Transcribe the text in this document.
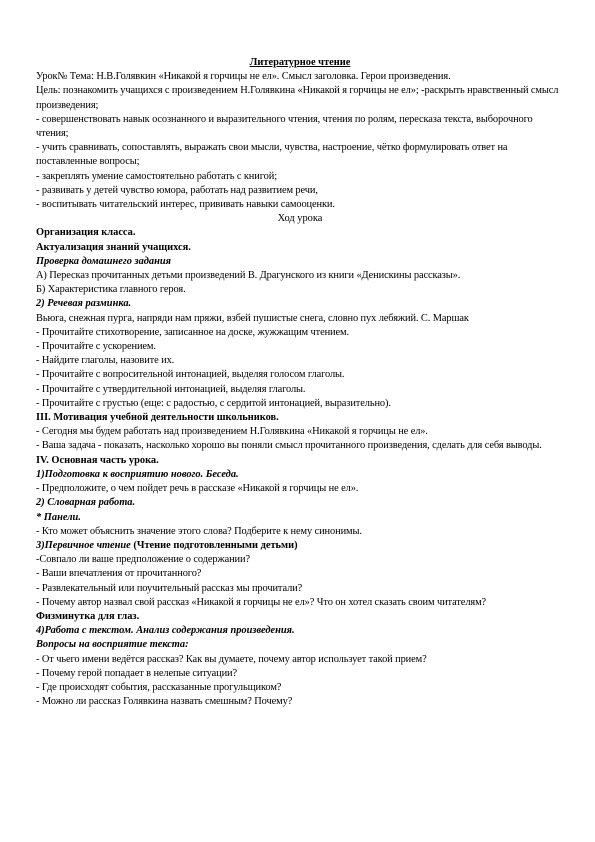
Литературное чтение

Урок№ Тема: Н.В.Голявкин «Никакой я горчицы не ел». Смысл заголовка. Герои произведения.

Цель: познакомить учащихся с произведением Н.Голявкина «Никакой я горчицы не ел»; -раскрыть нравственный смысл произведения;

- совершенствовать навык осознанного и выразительного чтения, чтения по ролям, пересказа текста, выборочного чтения;

- учить сравнивать, сопоставлять, выражать свои мысли, чувства, настроение, чётко формулировать ответ на поставленные вопросы;

- закреплять умение самостоятельно работать с книгой;

- развивать у детей чувство юмора, работать над развитием речи,

- воспитывать читательский интерес, прививать навыки самооценки.

Ход урока

Организация класса.

Актуализация знаний учащихся.

Проверка домашнего задания

А) Пересказ прочитанных детьми произведений В. Драгунского из книги «Денискины рассказы».

Б) Характеристика главного героя.

2) Речевая разминка.

Вьюга, снежная пурга, напряди нам пряжи, взбей пушистые снега, словно пух лебяжий. С. Маршак

- Прочитайте стихотворение, записанное на доске, жужжащим чтением.

- Прочитайте с ускорением.

- Найдите глаголы, назовите их.

- Прочитайте с вопросительной интонацией, выделяя голосом глаголы.

- Прочитайте с утвердительной интонацией, выделяя глаголы.

- Прочитайте с грустью (еще: с радостью, с сердитой интонацией, выразительно).

III. Мотивация учебной деятельности школьников.

- Сегодня мы будем работать над произведением Н.Голявкина «Никакой я горчицы не ел».

- Ваша задача - показать, насколько хорошо вы поняли смысл прочитанного произведения, сделать для себя выводы.

IV. Основная часть урока.

1)Подготовка к восприятию нового. Беседа.

- Предположите, о чем пойдет речь в рассказе «Никакой я горчицы не ел».

2) Словарная работа.

* Панели.

- Кто может объяснить значение этого слова? Подберите к нему синонимы.

3)Первичное чтение (Чтение подготовленными детьми)

-Совпало ли ваше предположение о содержании?

- Ваши впечатления от прочитанного?

- Развлекательный или поучительный рассказ мы прочитали?

- Почему автор назвал свой рассказ «Никакой я горчицы не ел»? Что он хотел сказать своим читателям?

Физминутка для глаз.

4)Работа с текстом. Анализ содержания произведения.

Вопросы на восприятие текста:

- От чьего имени ведётся рассказ? Как вы думаете, почему автор использует такой прием?

- Почему герой попадает в нелепые ситуации?

- Где происходят события, рассказанные прогульщиком?

- Можно ли рассказ Голявкина назвать смешным? Почему?
